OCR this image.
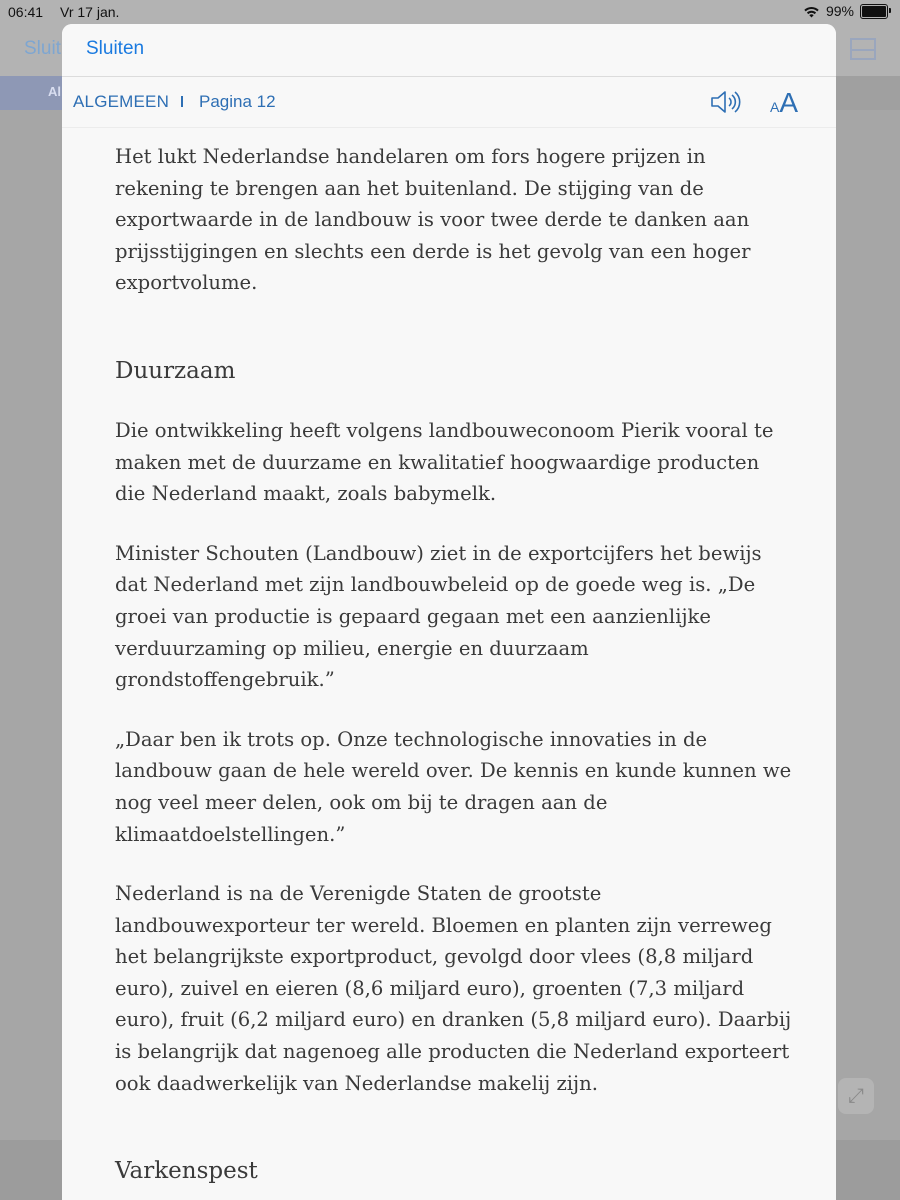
Sluit
Al
⤢
06:41 Vr 17 jan.	99%
Sluiten
ALGEMEEN Pagina 12	AA

Het lukt Nederlandse handelaren om fors hogere prijzen in rekening te brengen aan het buitenland. De stijging van de exportwaarde in de landbouw is voor twee derde te danken aan prijsstijgingen en slechts een derde is het gevolg van een hoger exportvolume.

Duurzaam

Die ontwikkeling heeft volgens landbouweconoom Pierik vooral te maken met de duurzame en kwalitatief hoogwaardige producten die Nederland maakt, zoals babymelk.

Minister Schouten (Landbouw) ziet in de exportcijfers het bewijs dat Nederland met zijn landbouwbeleid op de goede weg is. „De groei van productie is gepaard gegaan met een aanzienlijke verduurzaming op milieu, energie en duurzaam grondstoffengebruik.”

„Daar ben ik trots op. Onze technologische innovaties in de landbouw gaan de hele wereld over. De kennis en kunde kunnen we nog veel meer delen, ook om bij te dragen aan de klimaatdoelstellingen.”

Nederland is na de Verenigde Staten de grootste landbouwexporteur ter wereld. Bloemen en planten zijn verreweg het belangrijkste exportproduct, gevolgd door vlees (8,8 miljard euro), zuivel en eieren (8,6 miljard euro), groenten (7,3 miljard euro), fruit (6,2 miljard euro) en dranken (5,8 miljard euro). Daarbij is belangrijk dat nagenoeg alle producten die Nederland exporteert ook daadwerkelijk van Nederlandse makelij zijn.

Varkenspest
